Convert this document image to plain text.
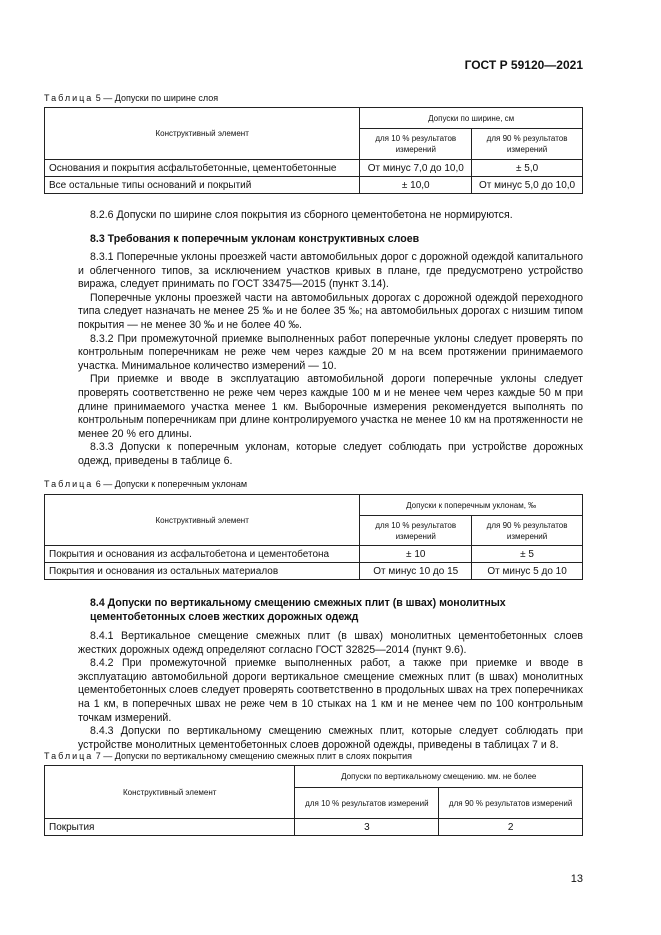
ГОСТ Р 59120—2021
Таблица 5 — Допуски по ширине слоя
Конструктивный элемент	Допуски по ширине, см	
	для 10 % результатов измерений	для 90 % результатов измерений
Основания и покрытия асфальтобетонные, цементобетонные	От минус 7,0 до 10,0	± 5,0
Все остальные типы оснований и покрытий	± 10,0	От минус 5,0 до 10,0
8.2.6 Допуски по ширине слоя покрытия из сборного цементобетона не нормируются.
8.3 Требования к поперечным уклонам конструктивных слоев

8.3.1 Поперечные уклоны проезжей части автомобильных дорог с дорожной одеждой капитального и облегченного типов, за исключением участков кривых в плане, где предусмотрено устройство виража, следует принимать по ГОСТ 33475—2015 (пункт 3.14).

Поперечные уклоны проезжей части на автомобильных дорогах с дорожной одеждой переходного типа следует назначать не менее 25 ‰ и не более 35 ‰; на автомобильных дорогах с низшим типом покрытия — не менее 30 ‰ и не более 40 ‰.

8.3.2 При промежуточной приемке выполненных работ поперечные уклоны следует проверять по контрольным поперечникам не реже чем через каждые 20 м на всем протяжении принимаемого участка. Минимальное количество измерений — 10.

При приемке и вводе в эксплуатацию автомобильной дороги поперечные уклоны следует проверять соответственно не реже чем через каждые 100 м и не менее чем через каждые 50 м при длине принимаемого участка менее 1 км. Выборочные измерения рекомендуется выполнять по контрольным поперечникам при длине контролируемого участка не менее 10 км на протяженности не менее 20 % его длины.

8.3.3 Допуски к поперечным уклонам, которые следует соблюдать при устройстве дорожных одежд, приведены в таблице 6.

Таблица 6 — Допуски к поперечным уклонам
Конструктивный элемент	Допуски к поперечным уклонам, ‰	
	для 10 % результатов измерений	для 90 % результатов измерений
Покрытия и основания из асфальтобетона и цементобетона	± 10	± 5
Покрытия и основания из остальных материалов	От минус 10 до 15	От минус 5 до 10
8.4 Допуски по вертикальному смещению смежных плит (в швах) монолитных
цементобетонных слоев жестких дорожных одежд

8.4.1 Вертикальное смещение смежных плит (в швах) монолитных цементобетонных слоев жестких дорожных одежд определяют согласно ГОСТ 32825—2014 (пункт 9.6).

8.4.2 При промежуточной приемке выполненных работ, а также при приемке и вводе в эксплуатацию автомобильной дороги вертикальное смещение смежных плит (в швах) монолитных цементобетонных слоев следует проверять соответственно в продольных швах на трех поперечниках на 1 км, в поперечных швах не реже чем в 10 стыках на 1 км и не менее чем по 100 контрольным точкам измерений.

8.4.3 Допуски по вертикальному смещению смежных плит, которые следует соблюдать при устройстве монолитных цементобетонных слоев дорожной одежды, приведены в таблицах 7 и 8.

Таблица 7 — Допуски по вертикальному смещению смежных плит в слоях покрытия
Конструктивный элемент	Допуски по вертикальному смещению. мм. не более	
	для 10 % результатов измерений	для 90 % результатов измерений
Покрытия	3	2
13
